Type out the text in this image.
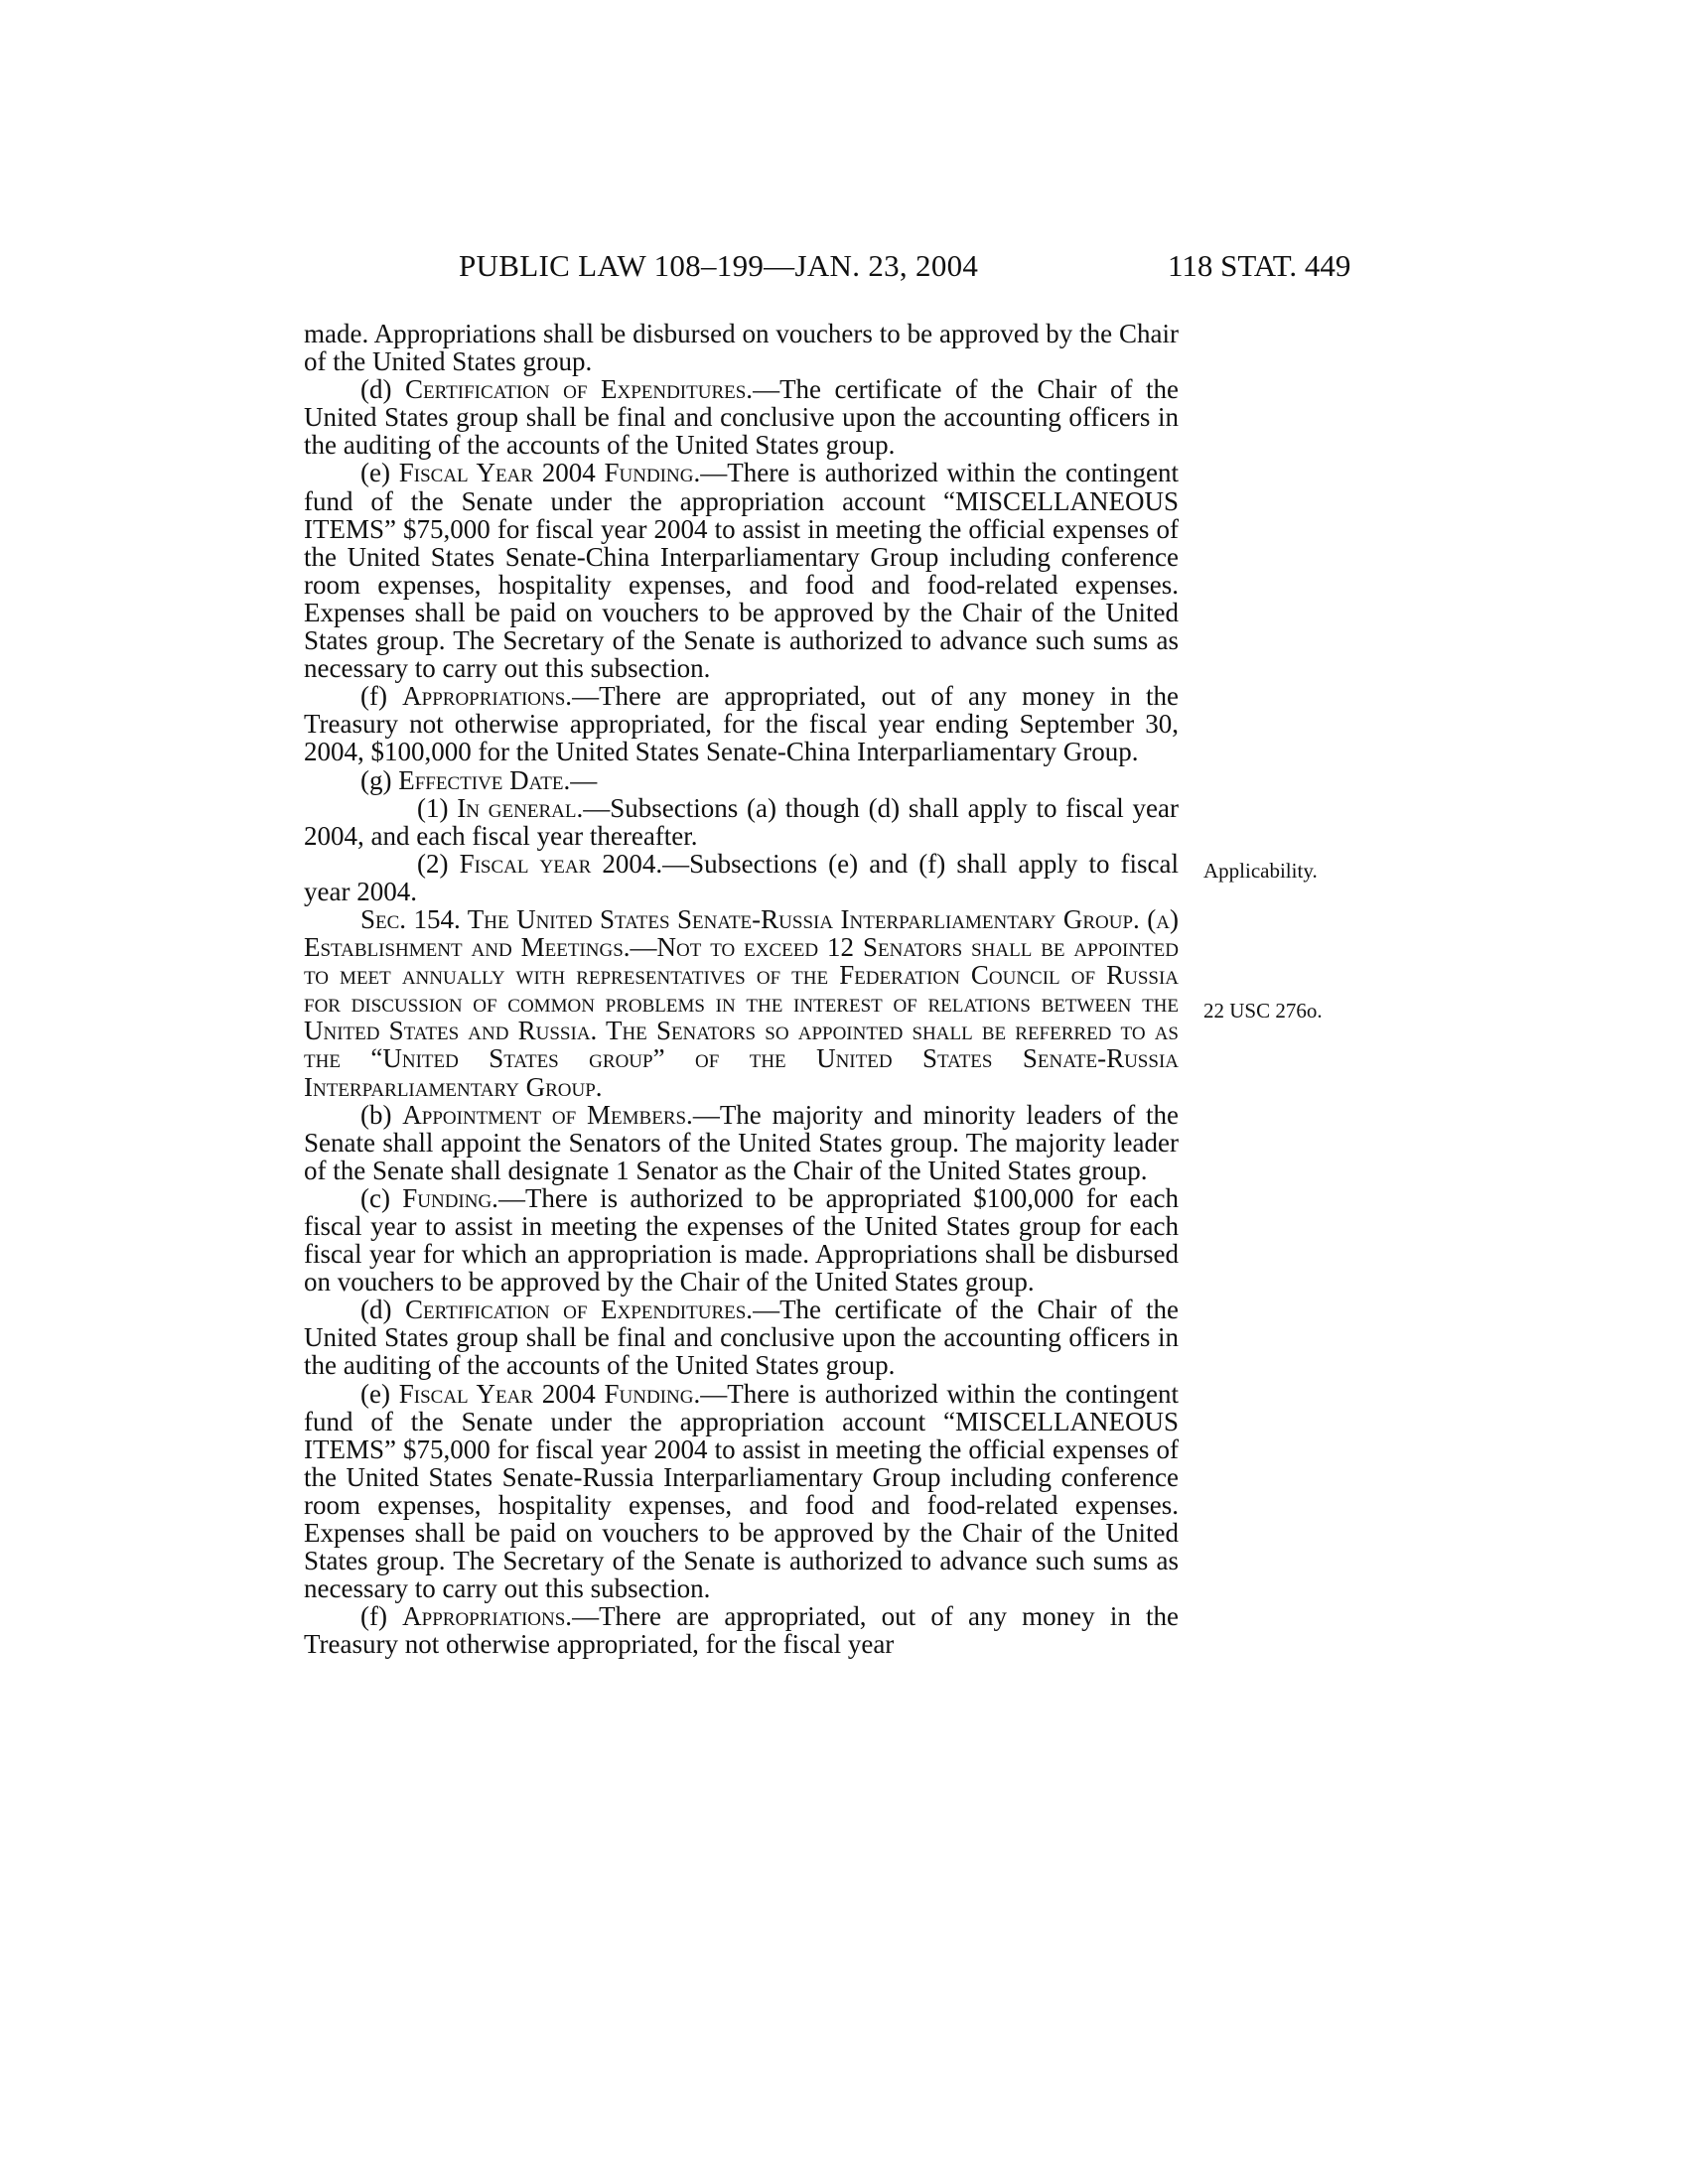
PUBLIC LAW 108–199—JAN. 23, 2004	118 STAT. 449
Applicability.
22 USC 276o.

made. Appropriations shall be disbursed on vouchers to be approved by the Chair of the United States group.

(d) Certification of Expenditures.—The certificate of the Chair of the United States group shall be final and conclusive upon the accounting officers in the auditing of the accounts of the United States group.

(e) Fiscal Year 2004 Funding.—There is authorized within the contingent fund of the Senate under the appropriation account “MISCELLANEOUS ITEMS” $75,000 for fiscal year 2004 to assist in meeting the official expenses of the United States Senate-China Interparliamentary Group including conference room expenses, hospitality expenses, and food and food-related expenses. Expenses shall be paid on vouchers to be approved by the Chair of the United States group. The Secretary of the Senate is authorized to advance such sums as necessary to carry out this subsection.

(f) Appropriations.—There are appropriated, out of any money in the Treasury not otherwise appropriated, for the fiscal year ending September 30, 2004, $100,000 for the United States Senate-China Interparliamentary Group.

(g) Effective Date.—

(1) In general.—Subsections (a) though (d) shall apply to fiscal year 2004, and each fiscal year thereafter.

(2) Fiscal year 2004.—Subsections (e) and (f) shall apply to fiscal year 2004.

Sec. 154. The United States Senate-Russia Interparliamentary Group. (a) Establishment and Meetings.—Not to exceed 12 Senators shall be appointed to meet annually with representatives of the Federation Council of Russia for discussion of common problems in the interest of relations between the United States and Russia. The Senators so appointed shall be referred to as the “United States group” of the United States Senate-Russia Interparliamentary Group.

(b) Appointment of Members.—The majority and minority leaders of the Senate shall appoint the Senators of the United States group. The majority leader of the Senate shall designate 1 Senator as the Chair of the United States group.

(c) Funding.—There is authorized to be appropriated $100,000 for each fiscal year to assist in meeting the expenses of the United States group for each fiscal year for which an appropriation is made. Appropriations shall be disbursed on vouchers to be approved by the Chair of the United States group.

(d) Certification of Expenditures.—The certificate of the Chair of the United States group shall be final and conclusive upon the accounting officers in the auditing of the accounts of the United States group.

(e) Fiscal Year 2004 Funding.—There is authorized within the contingent fund of the Senate under the appropriation account “MISCELLANEOUS ITEMS” $75,000 for fiscal year 2004 to assist in meeting the official expenses of the United States Senate-Russia Interparliamentary Group including conference room expenses, hospitality expenses, and food and food-related expenses. Expenses shall be paid on vouchers to be approved by the Chair of the United States group. The Secretary of the Senate is authorized to advance such sums as necessary to carry out this subsection.

(f) Appropriations.—There are appropriated, out of any money in the Treasury not otherwise appropriated, for the fiscal year
